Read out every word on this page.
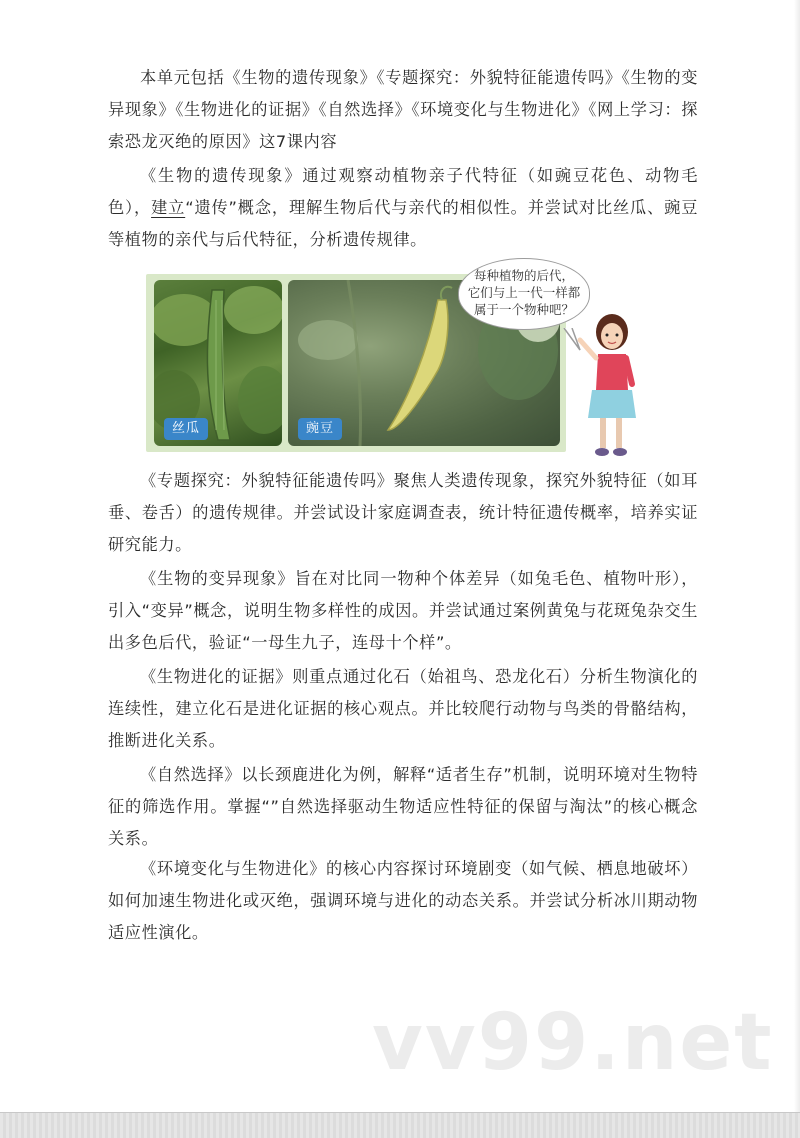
本单元包括《生物的遗传现象》《专题探究：外貌特征能遗传吗》《生物的变异现象》《生物进化的证据》《自然选择》《环境变化与生物进化》《网上学习：探索恐龙灭绝的原因》这7课内容

《生物的遗传现象》通过观察动植物亲子代特征（如豌豆花色、动物毛色），建立“遗传”概念，理解生物后代与亲代的相似性。并尝试对比丝瓜、豌豆等植物的亲代与后代特征，分析遗传规律。

丝瓜	豌豆
每种植物的后代，
它们与上一代一样都
属于一个物种吧？

《专题探究：外貌特征能遗传吗》聚焦人类遗传现象，探究外貌特征（如耳垂、卷舌）的遗传规律。并尝试设计家庭调查表，统计特征遗传概率，培养实证研究能力。

《生物的变异现象》旨在对比同一物种个体差异（如兔毛色、植物叶形），引入“变异”概念，说明生物多样性的成因。并尝试通过案例黄兔与花斑兔杂交生出多色后代，验证“一母生九子，连母十个样”。

《生物进化的证据》则重点通过化石（始祖鸟、恐龙化石）分析生物演化的连续性，建立化石是进化证据的核心观点。并比较爬行动物与鸟类的骨骼结构，推断进化关系。

《自然选择》以长颈鹿进化为例，解释“适者生存”机制，说明环境对生物特征的筛选作用。掌握“”自然选择驱动生物适应性特征的保留与淘汰”的核心概念关系。

《环境变化与生物进化》的核心内容探讨环境剧变（如气候、栖息地破坏）如何加速生物进化或灭绝，强调环境与进化的动态关系。并尝试分析冰川期动物适应性演化。

vv99.net
